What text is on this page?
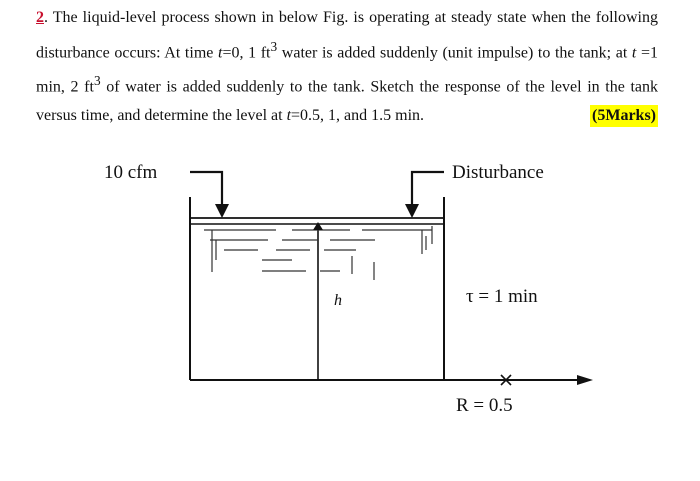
2. The liquid-level process shown in below Fig. is operating at steady state when the following disturbance occurs: At time t=0, 1 $ft^3$ water is added suddenly (unit impulse) to the tank; at t =1 min, 2 $ft^3$ of water is added suddenly to the tank. Sketch the response of the level in the tank versus time, and determine the level at t=0.5, 1, and 1.5 min.	(5Marks)
10 cfm	Disturbance
h	τ = 1 min
R = 0.5
